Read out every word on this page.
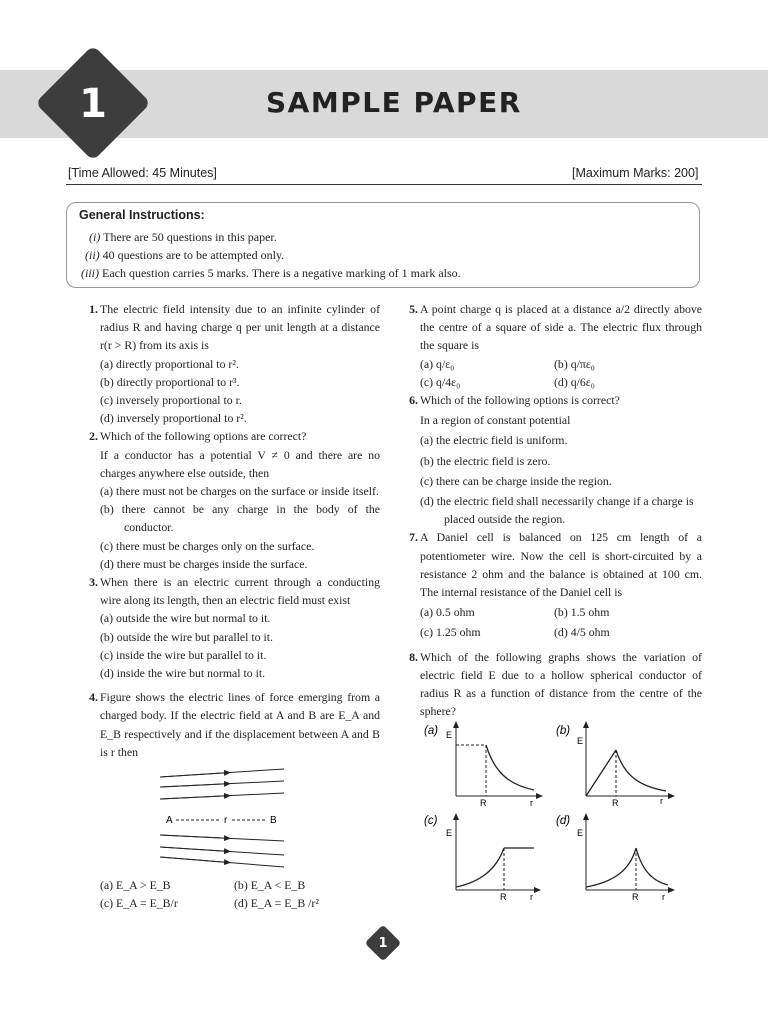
1	SAMPLE PAPER
[Time Allowed: 45 Minutes]	[Maximum Marks: 200]
General Instructions:
(i) There are 50 questions in this paper.
(ii) 40 questions are to be attempted only.
(iii) Each question carries 5 marks. There is a negative marking of 1 mark also.
1. The electric field intensity due to an infinite cylinder of radius R and having charge q per unit length at a distance r(r > R) from its axis is
(a) directly proportional to r².
(b) directly proportional to r³.
(c) inversely proportional to r.
(d) inversely proportional to r².
2. Which of the following options are correct?
If a conductor has a potential V ≠ 0 and there are no charges anywhere else outside, then
(a) there must not be charges on the surface or inside itself.
(b) there cannot be any charge in the body of the conductor.
(c) there must be charges only on the surface.
(d) there must be charges inside the surface.
3. When there is an electric current through a conducting wire along its length, then an electric field must exist
(a) outside the wire but normal to it.
(b) outside the wire but parallel to it.
(c) inside the wire but parallel to it.
(d) inside the wire but normal to it.
4. Figure shows the electric lines of force emerging from a charged body. If the electric field at A and B are E_A and E_B respectively and if the displacement between A and B is r then
A	r	B
(a) E_A > E_B	(b) E_A < E_B
(c) E_A = E_B/r	(d) E_A = E_B /r²
5. A point charge q is placed at a distance a/2 directly above the centre of a square of side a. The electric flux through the square is
(a) q/ε₀	(b) q/πε₀
(c) q/4ε₀	(d) q/6ε₀
6. Which of the following options is correct?
In a region of constant potential
(a) the electric field is uniform.
(b) the electric field is zero.
(c) there can be charge inside the region.
(d) the electric field shall necessarily change if a charge is placed outside the region.
7. A Daniel cell is balanced on 125 cm length of a potentiometer wire. Now the cell is short-circuited by a resistance 2 ohm and the balance is obtained at 100 cm. The internal resistance of the Daniel cell is
(a) 0.5 ohm	(b) 1.5 ohm
(c) 1.25 ohm	(d) 4/5 ohm
8. Which of the following graphs shows the variation of electric field E due to a hollow spherical conductor of radius R as a function of distance from the centre of the sphere?
(a) E
R	r
(b)
E
R	r
(c)
E
R	r
(d)
E
R	r
1
